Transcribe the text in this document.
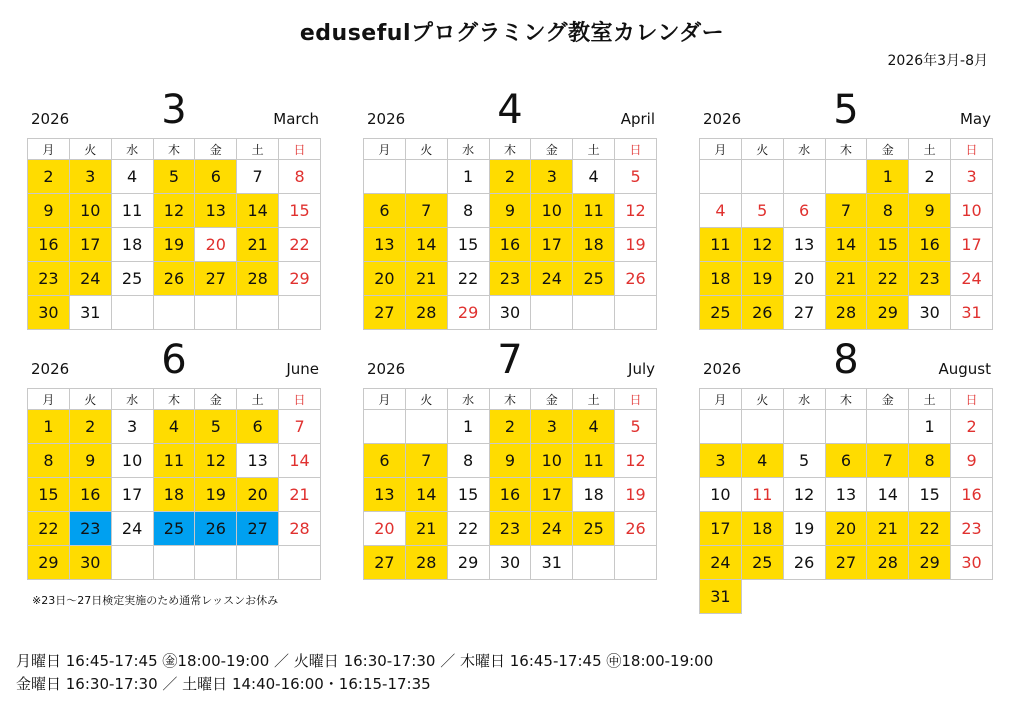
edusefulプログラミング教室カレンダー
2026年3月-8月
2026	3	March
月	火	水	木	金	土	日
2	3	4	5	6	7	8
9	10	11	12	13	14	15
16	17	18	19	20	21	22
23	24	25	26	27	28	29
30	31					
2026	4	April
月	火	水	木	金	土	日
		1	2	3	4	5
6	7	8	9	10	11	12
13	14	15	16	17	18	19
20	21	22	23	24	25	26
27	28	29	30			
2026	5	May
月	火	水	木	金	土	日
				1	2	3
4	5	6	7	8	9	10
11	12	13	14	15	16	17
18	19	20	21	22	23	24
25	26	27	28	29	30	31
2026	6	June
月	火	水	木	金	土	日
1	2	3	4	5	6	7
8	9	10	11	12	13	14
15	16	17	18	19	20	21
22	23	24	25	26	27	28
29	30					
2026	7	July
月	火	水	木	金	土	日
		1	2	3	4	5
6	7	8	9	10	11	12
13	14	15	16	17	18	19
20	21	22	23	24	25	26
27	28	29	30	31		
2026	8	August
月	火	水	木	金	土	日
					1	2
3	4	5	6	7	8	9
10	11	12	13	14	15	16
17	18	19	20	21	22	23
24	25	26	27	28	29	30
31						
※23日〜27日検定実施のため通常レッスンお休み
月曜日 16:45-17:45 ㊎18:00-19:00 ／ 火曜日 16:30-17:30 ／ 木曜日 16:45-17:45 ㊥18:00-19:00
金曜日 16:30-17:30 ／ 土曜日 14:40-16:00・16:15-17:35
